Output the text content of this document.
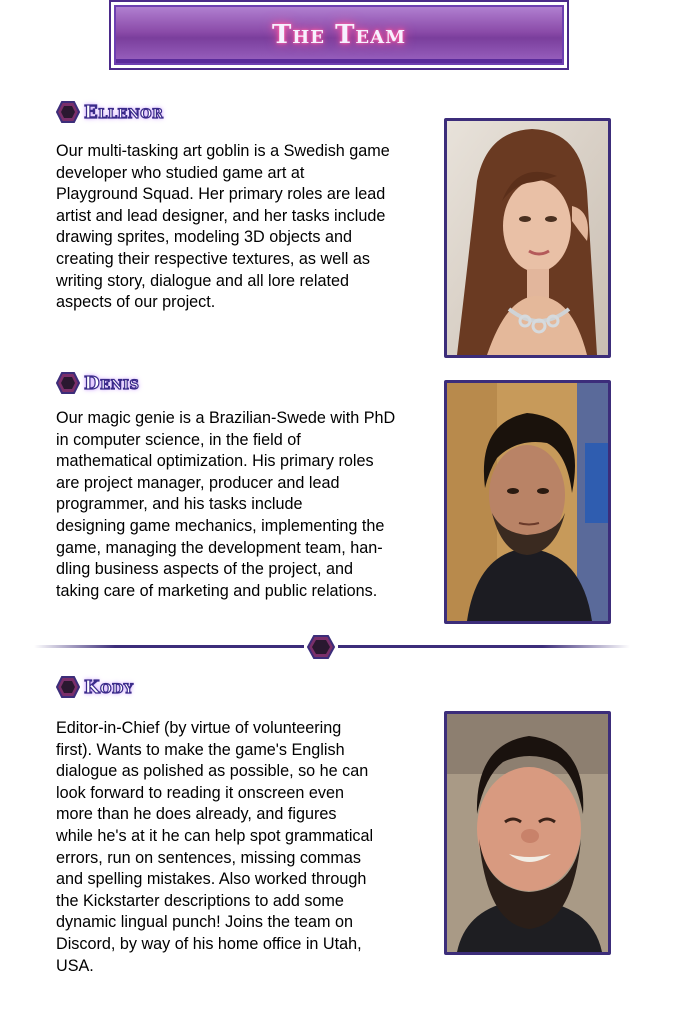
The Team
Ellenor

Our multi-tasking art goblin is a Swedish game
developer who studied game art at
Playground Squad. Her primary roles are lead
artist and lead designer, and her tasks include
drawing sprites, modeling 3D objects and
creating their respective textures, as well as
writing story, dialogue and all lore related
aspects of our project.

Denis

Our magic genie is a Brazilian-Swede with PhD
in computer science, in the field of
mathematical optimization. His primary roles
are project manager, producer and lead
programmer, and his tasks include
designing game mechanics, implementing the
game, managing the development team, han-
dling business aspects of the project, and
taking care of marketing and public relations.

Kody

Editor-in-Chief (by virtue of volunteering
first). Wants to make the game's English
dialogue as polished as possible, so he can
look forward to reading it onscreen even
more than he does already, and figures
while he's at it he can help spot grammatical
errors, run on sentences, missing commas
and spelling mistakes. Also worked through
the Kickstarter descriptions to add some
dynamic lingual punch! Joins the team on
Discord, by way of his home office in Utah,
USA.
